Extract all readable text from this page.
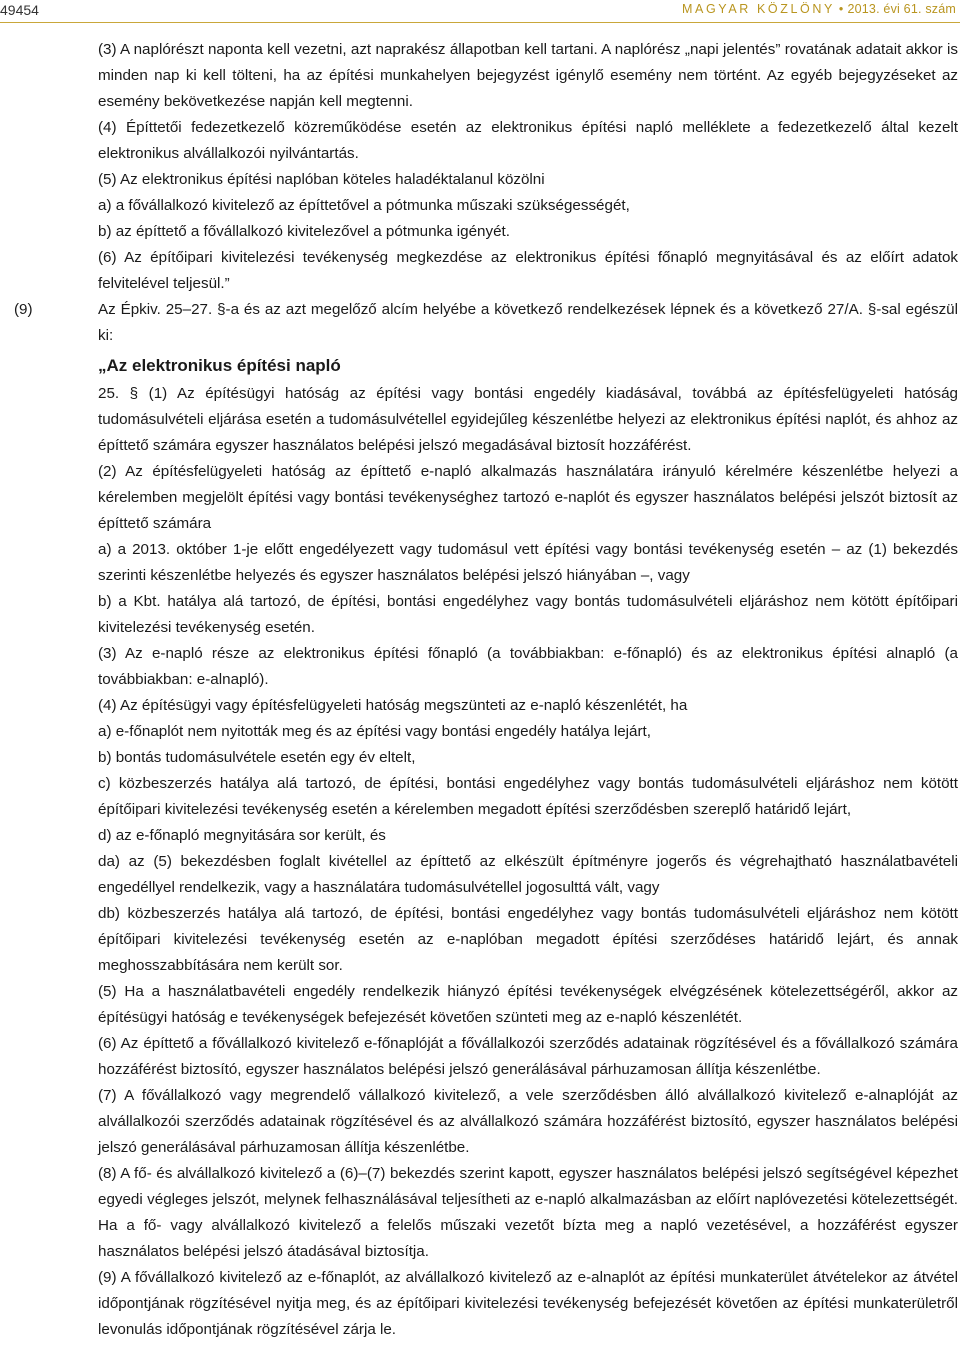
49454	MAGYAR KÖZLÖNY • 2013. évi 61. szám
(3) A naplórészt naponta kell vezetni, azt naprakész állapotban kell tartani. A naplórész „napi jelentés” rovatának adatait akkor is minden nap ki kell tölteni, ha az építési munkahelyen bejegyzést igénylő esemény nem történt. Az egyéb bejegyzéseket az esemény bekövetkezése napján kell megtenni.
(4) Építtetői fedezetkezelő közreműködése esetén az elektronikus építési napló melléklete a fedezetkezelő által kezelt elektronikus alvállalkozói nyilvántartás.
(5) Az elektronikus építési naplóban köteles haladéktalanul közölni
a) a fővállalkozó kivitelező az építtetővel a pótmunka műszaki szükségességét,
b) az építtető a fővállalkozó kivitelezővel a pótmunka igényét.
(6) Az építőipari kivitelezési tevékenység megkezdése az elektronikus építési főnapló megnyitásával és az előírt adatok felvitelével teljesül.”
(9)	Az Épkiv. 25–27. §-a és az azt megelőző alcím helyébe a következő rendelkezések lépnek és a következő 27/A. §-sal egészül ki:
„Az elektronikus építési napló
25. § (1) Az építésügyi hatóság az építési vagy bontási engedély kiadásával, továbbá az építésfelügyeleti hatóság tudomásulvételi eljárása esetén a tudomásulvétellel egyidejűleg készenlétbe helyezi az elektronikus építési naplót, és ahhoz az építtető számára egyszer használatos belépési jelszó megadásával biztosít hozzáférést.
(2) Az építésfelügyeleti hatóság az építtető e-napló alkalmazás használatára irányuló kérelmére készenlétbe helyezi a kérelemben megjelölt építési vagy bontási tevékenységhez tartozó e-naplót és egyszer használatos belépési jelszót biztosít az építtető számára
a) a 2013. október 1-je előtt engedélyezett vagy tudomásul vett építési vagy bontási tevékenység esetén – az (1) bekezdés szerinti készenlétbe helyezés és egyszer használatos belépési jelszó hiányában –, vagy
b) a Kbt. hatálya alá tartozó, de építési, bontási engedélyhez vagy bontás tudomásulvételi eljáráshoz nem kötött építőipari kivitelezési tevékenység esetén.
(3) Az e-napló része az elektronikus építési főnapló (a továbbiakban: e-főnapló) és az elektronikus építési alnapló (a továbbiakban: e-alnapló).
(4) Az építésügyi vagy építésfelügyeleti hatóság megszünteti az e-napló készenlétét, ha
a) e-főnaplót nem nyitották meg és az építési vagy bontási engedély hatálya lejárt,
b) bontás tudomásulvétele esetén egy év eltelt,
c) közbeszerzés hatálya alá tartozó, de építési, bontási engedélyhez vagy bontás tudomásulvételi eljáráshoz nem kötött építőipari kivitelezési tevékenység esetén a kérelemben megadott építési szerződésben szereplő határidő lejárt,
d) az e-főnapló megnyitására sor került, és
da) az (5) bekezdésben foglalt kivétellel az építtető az elkészült építményre jogerős és végrehajtható használatbavételi engedéllyel rendelkezik, vagy a használatára tudomásulvétellel jogosulttá vált, vagy
db) közbeszerzés hatálya alá tartozó, de építési, bontási engedélyhez vagy bontás tudomásulvételi eljáráshoz nem kötött építőipari kivitelezési tevékenység esetén az e-naplóban megadott építési szerződéses határidő lejárt, és annak meghosszabbítására nem került sor.
(5) Ha a használatbavételi engedély rendelkezik hiányzó építési tevékenységek elvégzésének kötelezettségéről, akkor az építésügyi hatóság e tevékenységek befejezését követően szünteti meg az e-napló készenlétét.
(6) Az építtető a fővállalkozó kivitelező e-főnaplóját a fővállalkozói szerződés adatainak rögzítésével és a fővállalkozó számára hozzáférést biztosító, egyszer használatos belépési jelszó generálásával párhuzamosan állítja készenlétbe.
(7) A fővállalkozó vagy megrendelő vállalkozó kivitelező, a vele szerződésben álló alvállalkozó kivitelező e-alnaplóját az alvállalkozói szerződés adatainak rögzítésével és az alvállalkozó számára hozzáférést biztosító, egyszer használatos belépési jelszó generálásával párhuzamosan állítja készenlétbe.
(8) A fő- és alvállalkozó kivitelező a (6)–(7) bekezdés szerint kapott, egyszer használatos belépési jelszó segítségével képezhet egyedi végleges jelszót, melynek felhasználásával teljesítheti az e-napló alkalmazásban az előírt naplóvezetési kötelezettségét. Ha a fő- vagy alvállalkozó kivitelező a felelős műszaki vezetőt bízta meg a napló vezetésével, a hozzáférést egyszer használatos belépési jelszó átadásával biztosítja.
(9) A fővállalkozó kivitelező az e-főnaplót, az alvállalkozó kivitelező az e-alnaplót az építési munkaterület átvételekor az átvétel időpontjának rögzítésével nyitja meg, és az építőipari kivitelezési tevékenység befejezését követően az építési munkaterületről levonulás időpontjának rögzítésével zárja le.
